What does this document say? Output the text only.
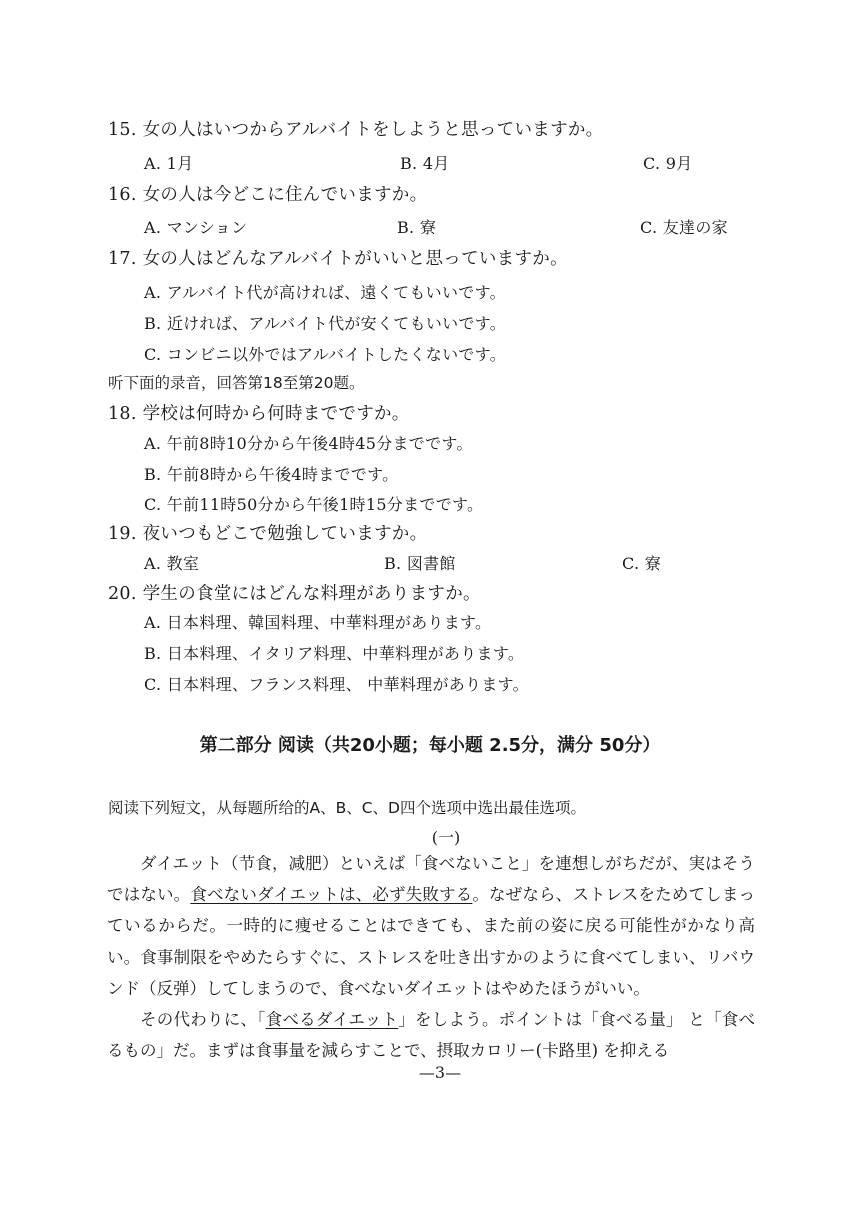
15. 女の人はいつからアルバイトをしようと思っていますか。
A. 1月	B. 4月	C. 9月
16. 女の人は今どこに住んでいますか。
A. マンション	B. 寮	C. 友達の家
17. 女の人はどんなアルバイトがいいと思っていますか。
A. アルバイト代が高ければ、遠くてもいいです。
B. 近ければ、アルバイト代が安くてもいいです。
C. コンビニ以外ではアルバイトしたくないです。
听下面的录音，回答第18至第20题。
18. 学校は何時から何時までですか。
A. 午前8時10分から午後4時45分までです。
B. 午前8時から午後4時までです。
C. 午前11時50分から午後1時15分までです。
19. 夜いつもどこで勉強していますか。
A. 教室	B. 図書館	C. 寮
20. 学生の食堂にはどんな料理がありますか。
A. 日本料理、韓国料理、中華料理があります。
B. 日本料理、イタリア料理、中華料理があります。
C. 日本料理、フランス料理、 中華料理があります。
第二部分 阅读（共20小题；每小题 2.5分，满分 50分）
阅读下列短文，从每题所给的A、B、C、D四个选项中选出最佳选项。
(一)

ダイエット（节食，减肥）といえば「食べないこと」を連想しがちだが、実はそうではない。食べないダイエットは、必ず失敗する。なぜなら、ストレスをためてしまっているからだ。一時的に痩せることはできても、また前の姿に戻る可能性がかなり高い。食事制限をやめたらすぐに、ストレスを吐き出すかのように食べてしまい、リバウンド（反弹）してしまうので、食べないダイエットはやめたほうがいい。

その代わりに、「食べるダイエット」をしよう。ポイントは「食べる量」 と「食べるもの」だ。まずは食事量を減らすことで、摂取カロリー(卡路里) を抑える

—3—
